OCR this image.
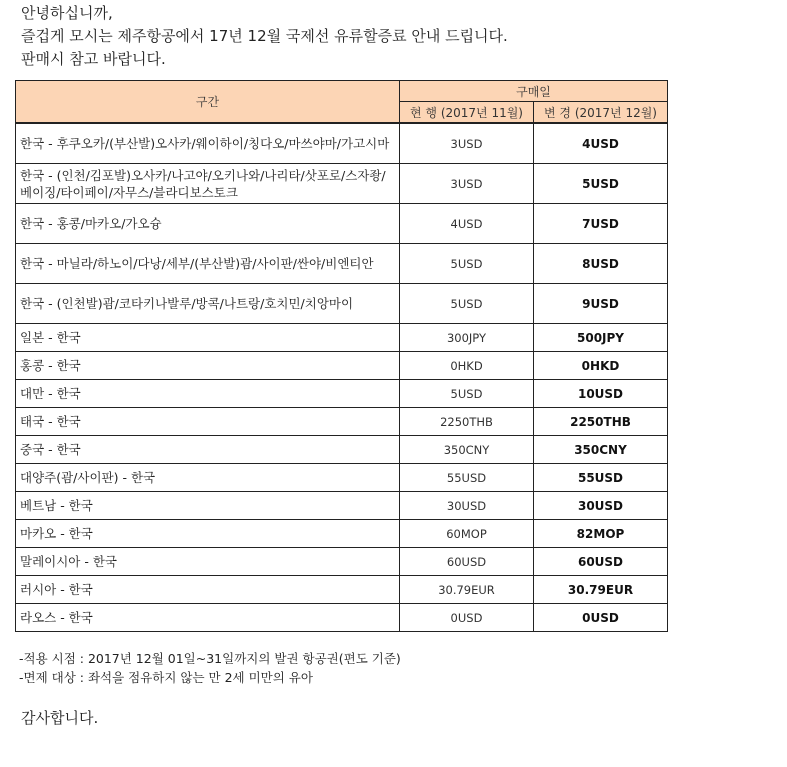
안녕하십니까,

즐겁게 모시는 제주항공에서 17년 12월 국제선 유류할증료 안내 드립니다.

판매시 참고 바랍니다.

구간	구매일	
	현 행 (2017년 11월)	변 경 (2017년 12월)
한국 - 후쿠오카/(부산발)오사카/웨이하이/칭다오/마쓰야마/가고시마	3USD	4USD
한국 - (인천/김포발)오사카/나고야/오키나와/나리타/삿포로/스자좡/베이징/타이페이/자무스/블라디보스토크	3USD	5USD
한국 - 홍콩/마카오/가오슝	4USD	7USD
한국 - 마닐라/하노이/다낭/세부/(부산발)괌/사이판/싼야/비엔티안	5USD	8USD
한국 - (인천발)괌/코타키나발루/방콕/나트랑/호치민/치앙마이	5USD	9USD
일본 - 한국	300JPY	500JPY
홍콩 - 한국	0HKD	0HKD
대만 - 한국	5USD	10USD
태국 - 한국	2250THB	2250THB
중국 - 한국	350CNY	350CNY
대양주(괌/사이판) - 한국	55USD	55USD
베트남 - 한국	30USD	30USD
마카오 - 한국	60MOP	82MOP
말레이시아 - 한국	60USD	60USD
러시아 - 한국	30.79EUR	30.79EUR
라오스 - 한국	0USD	0USD

-적용 시점 : 2017년 12월 01일~31일까지의 발권 항공권(편도 기준)

-면제 대상 : 좌석을 점유하지 않는 만 2세 미만의 유아

감사합니다.
